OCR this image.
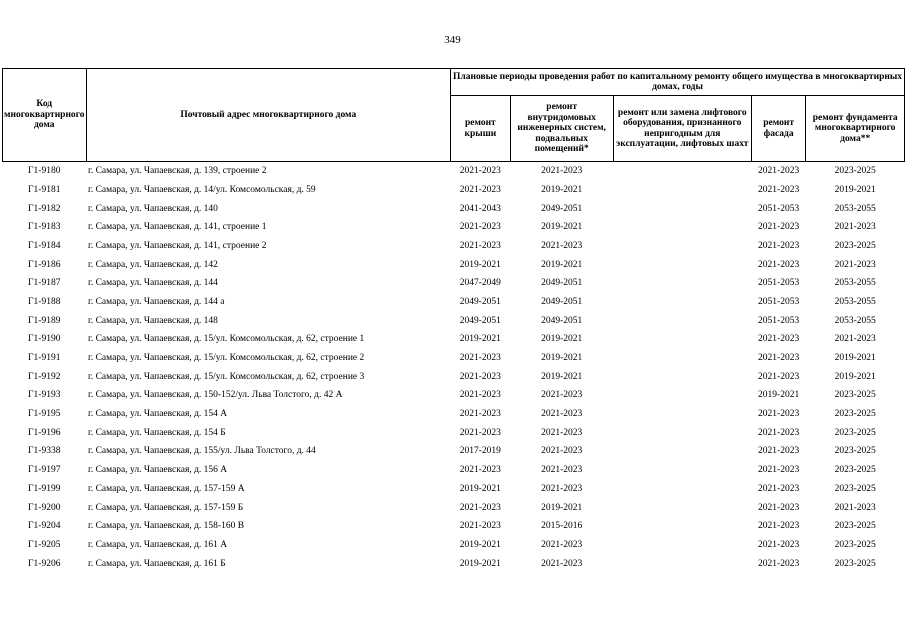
349
Код многоквартирного дома	Почтовый адрес многоквартирного дома	Плановые периоды проведения работ по капитальному ремонту общего имущества в многоквартирных домах, годы				
		ремонт крыши	ремонт внутридомовых инженерных систем, подвальных помещений*	ремонт или замена лифтового оборудования, признанного непригодным для эксплуатации, лифтовых шахт	ремонт фасада	ремонт фундамента многоквартирного дома**
Г1-9180	г. Самара, ул. Чапаевская, д. 139, строение 2	2021-2023	2021-2023		2021-2023	2023-2025
Г1-9181	г. Самара, ул. Чапаевская, д. 14/ул. Комсомольская, д. 59	2021-2023	2019-2021		2021-2023	2019-2021
Г1-9182	г. Самара, ул. Чапаевская, д. 140	2041-2043	2049-2051		2051-2053	2053-2055
Г1-9183	г. Самара, ул. Чапаевская, д. 141, строение 1	2021-2023	2019-2021		2021-2023	2021-2023
Г1-9184	г. Самара, ул. Чапаевская, д. 141, строение 2	2021-2023	2021-2023		2021-2023	2023-2025
Г1-9186	г. Самара, ул. Чапаевская, д. 142	2019-2021	2019-2021		2021-2023	2021-2023
Г1-9187	г. Самара, ул. Чапаевская, д. 144	2047-2049	2049-2051		2051-2053	2053-2055
Г1-9188	г. Самара, ул. Чапаевская, д. 144 а	2049-2051	2049-2051		2051-2053	2053-2055
Г1-9189	г. Самара, ул. Чапаевская, д. 148	2049-2051	2049-2051		2051-2053	2053-2055
Г1-9190	г. Самара, ул. Чапаевская, д. 15/ул. Комсомольская, д. 62, строение 1	2019-2021	2019-2021		2021-2023	2021-2023
Г1-9191	г. Самара, ул. Чапаевская, д. 15/ул. Комсомольская, д. 62, строение 2	2021-2023	2019-2021		2021-2023	2019-2021
Г1-9192	г. Самара, ул. Чапаевская, д. 15/ул. Комсомольская, д. 62, строение 3	2021-2023	2019-2021		2021-2023	2019-2021
Г1-9193	г. Самара, ул. Чапаевская, д. 150-152/ул. Льва Толстого, д. 42 А	2021-2023	2021-2023		2019-2021	2023-2025
Г1-9195	г. Самара, ул. Чапаевская, д. 154 А	2021-2023	2021-2023		2021-2023	2023-2025
Г1-9196	г. Самара, ул. Чапаевская, д. 154 Б	2021-2023	2021-2023		2021-2023	2023-2025
Г1-9338	г. Самара, ул. Чапаевская, д. 155/ул. Льва Толстого, д. 44	2017-2019	2021-2023		2021-2023	2023-2025
Г1-9197	г. Самара, ул. Чапаевская, д. 156 А	2021-2023	2021-2023		2021-2023	2023-2025
Г1-9199	г. Самара, ул. Чапаевская, д. 157-159 А	2019-2021	2021-2023		2021-2023	2023-2025
Г1-9200	г. Самара, ул. Чапаевская, д. 157-159 Б	2021-2023	2019-2021		2021-2023	2021-2023
Г1-9204	г. Самара, ул. Чапаевская, д. 158-160 В	2021-2023	2015-2016		2021-2023	2023-2025
Г1-9205	г. Самара, ул. Чапаевская, д. 161 А	2019-2021	2021-2023		2021-2023	2023-2025
Г1-9206	г. Самара, ул. Чапаевская, д. 161 Б	2019-2021	2021-2023		2021-2023	2023-2025
